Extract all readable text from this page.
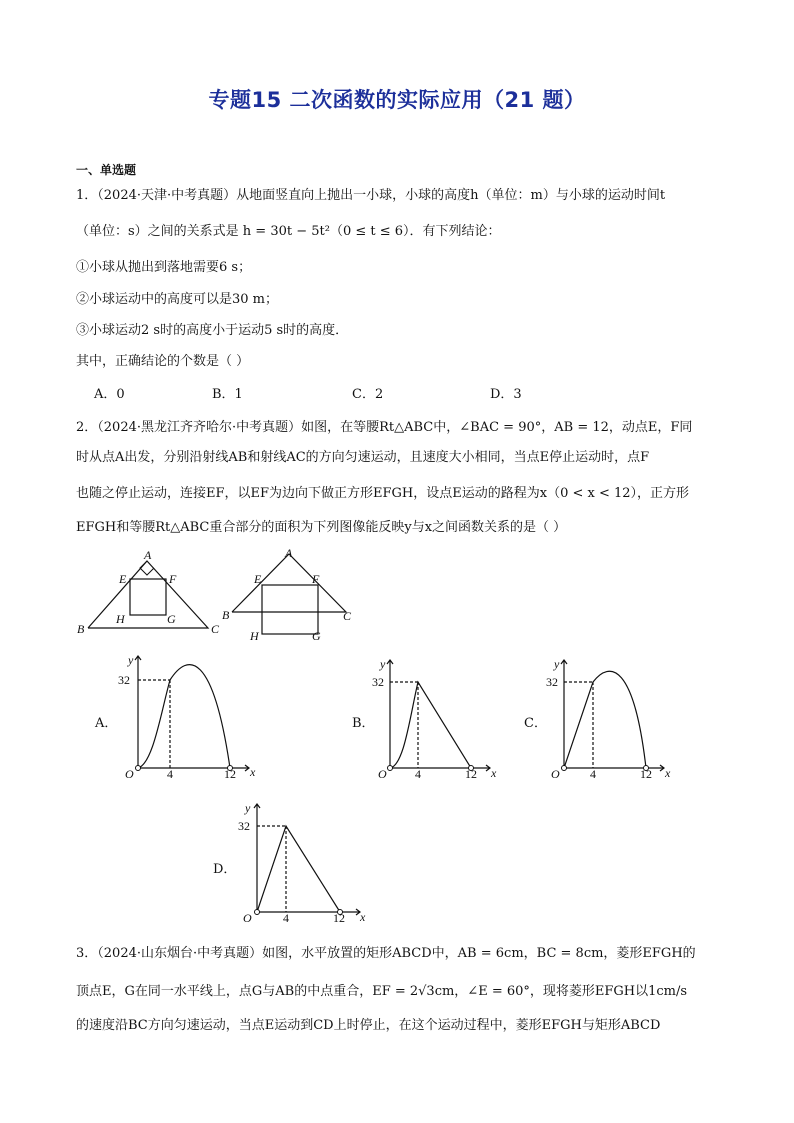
专题15 二次函数的实际应用（21 题）
一、单选题
1．（2024·天津·中考真题）从地面竖直向上抛出一小球，小球的高度h（单位：m）与小球的运动时间t
（单位：s）之间的关系式是 h = 30t − 5t²（0 ≤ t ≤ 6）．有下列结论：
①小球从抛出到落地需要6 s；
②小球运动中的高度可以是30 m；
③小球运动2 s时的高度小于运动5 s时的高度．
其中，正确结论的个数是（ ）
A．0	B．1	C．2	D．3
2．（2024·黑龙江齐齐哈尔·中考真题）如图，在等腰Rt△ABC中，∠BAC = 90°，AB = 12，动点E，F同
时从点A出发，分别沿射线AB和射线AC的方向匀速运动，且速度大小相同，当点E停止运动时，点F
也随之停止运动，连接EF，以EF为边向下做正方形EFGH，设点E运动的路程为x（0 < x < 12），正方形
EFGH和等腰Rt△ABC重合部分的面积为下列图像能反映y与x之间函数关系的是（ ）
A
E	F
B
H	G
C
A
E	F
B
H	G
C
A．	B．	C．
D．
y
32
O	4	12 x
y
32
O 4	12 x
y
32
O	4	12 x
y
32
O	4	12 x
3．（2024·山东烟台·中考真题）如图，水平放置的矩形ABCD中，AB = 6cm，BC = 8cm，菱形EFGH的
顶点E，G在同一水平线上，点G与AB的中点重合，EF = 2√3cm，∠E = 60°，现将菱形EFGH以1cm/s
的速度沿BC方向匀速运动，当点E运动到CD上时停止，在这个运动过程中，菱形EFGH与矩形ABCD
